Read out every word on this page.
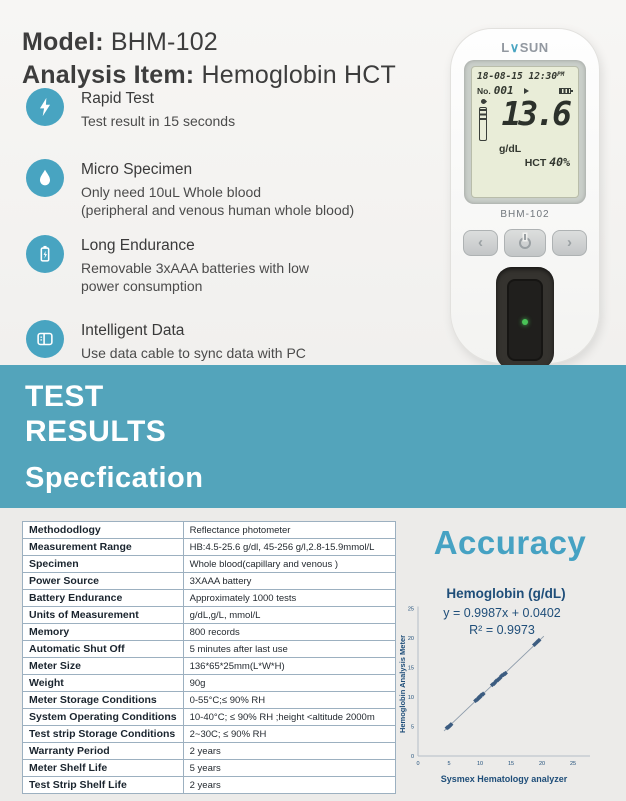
Model: BHM-102
Analysis Item: Hemoglobin HCT
Rapid Test
Test result in 15 seconds
Micro Specimen
Only need 10uL Whole blood
(peripheral and venous human whole blood)
Long Endurance
Removable 3xAAA batteries with low
power consumption
Intelligent Data
Use data cable to sync data with PC
L∨SUN
18-08-15 $12:30^{PM}$
No. 001
13.6
g/dL
HCT 40%
BHM-102
‹	›
TEST
RESULTS
Specfication
Methododlogy	Reflectance photometer
Measurement Range	HB:4.5-25.6 g/dl, 45-256 g/l,2.8-15.9mmol/L
Specimen	Whole blood(capillary and venous )
Power Source	3XAAA battery
Battery Endurance	Approximately 1000 tests
Units of Measurement	g/dL,g/L, mmol/L
Memory	800 records
Automatic Shut Off	5 minutes after last use
Meter Size	136*65*25mm(L*W*H)
Weight	90g
Meter Storage Conditions	0-55°C;≤ 90% RH
System Operating Conditions	10-40°C; ≤ 90% RH ;height <altitude 2000m
Test strip Storage Conditions	2~30C; ≤ 90% RH
Warranty Period	2 years
Meter Shelf Life	5 years
Test Strip Shelf Life	2 years
Accuracy
0	5	10	15	20	25
0
5
10
15
20
25
Hemoglobin (g/dL)
y = 0.9987x + 0.0402
R² = 0.9973
Sysmex Hematology analyzer
Hemoglobin Analysis Meter
